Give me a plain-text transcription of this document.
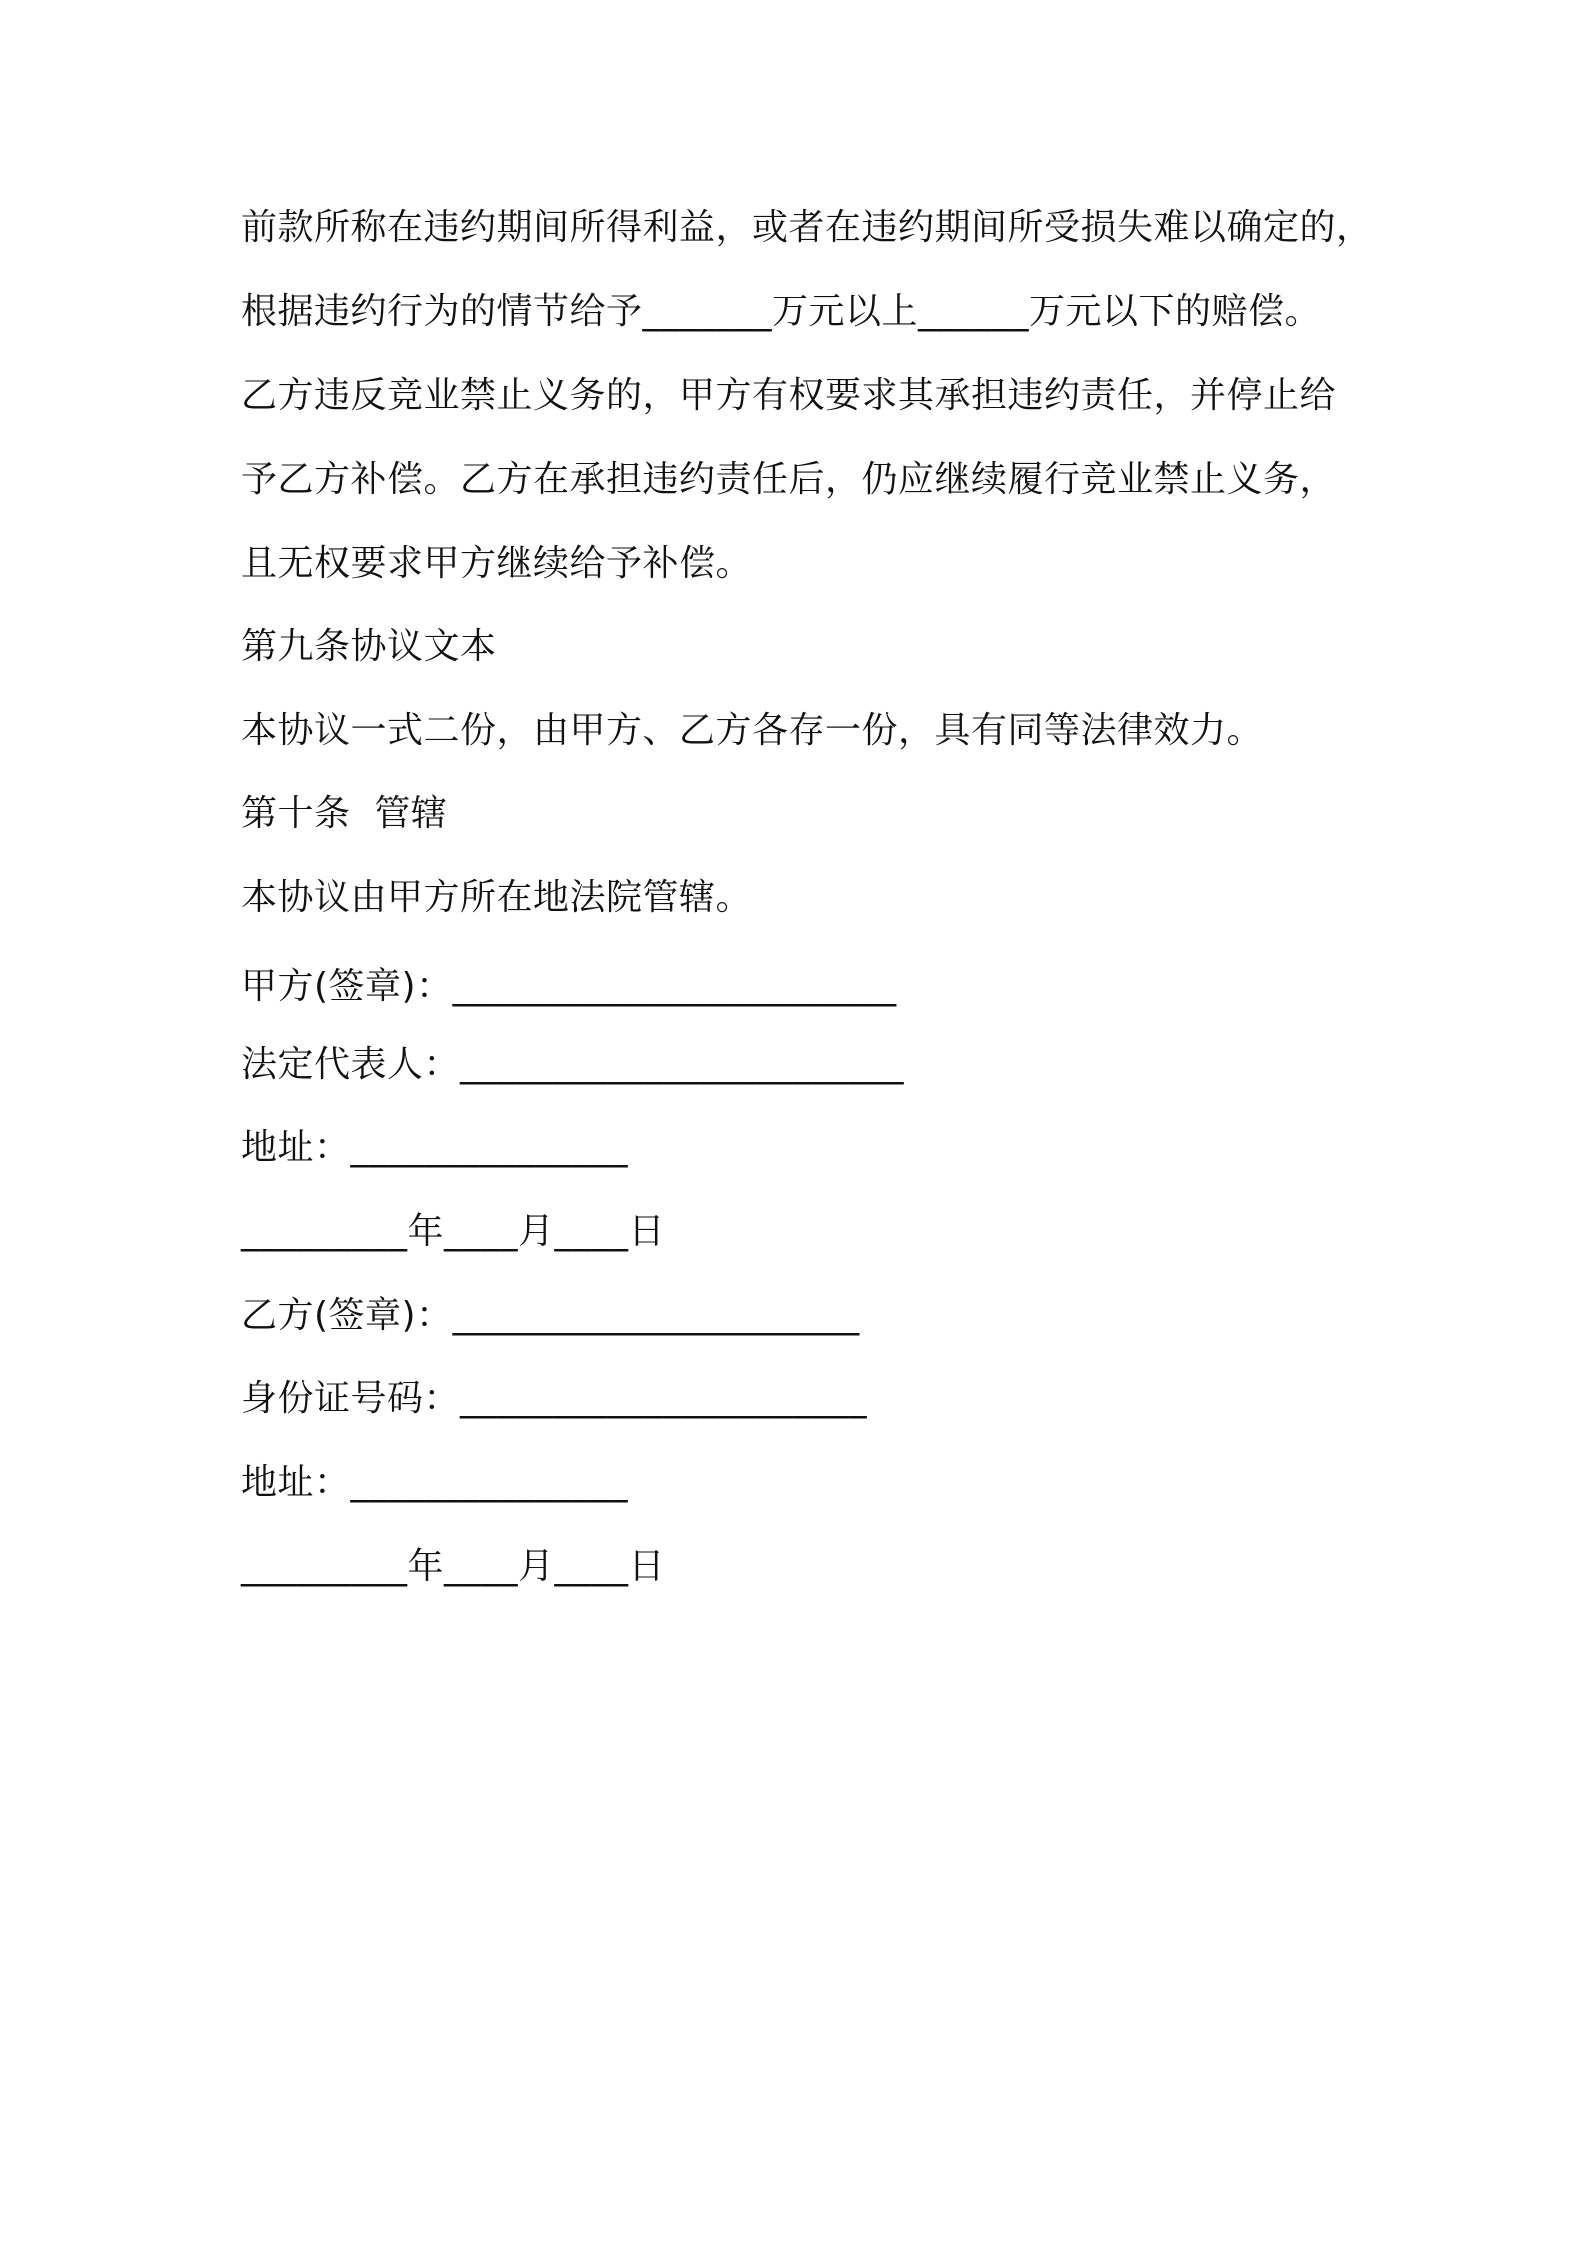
前款所称在违约期间所得利益，或者在违约期间所受损失难以确定的，
根据违约行为的情节给予_______万元以上______万元以下的赔偿。
乙方违反竞业禁止义务的，甲方有权要求其承担违约责任，并停止给
予乙方补偿。乙方在承担违约责任后，仍应继续履行竞业禁止义务，
且无权要求甲方继续给予补偿。
第九条协议文本
本协议一式二份，由甲方、乙方各存一份，具有同等法律效力。
第十条  管辖
本协议由甲方所在地法院管辖。
甲方(签章)：________________________
法定代表人：________________________
地址：_______________
_________年____月____日
乙方(签章)：______________________
身份证号码：______________________
地址：_______________
_________年____月____日
